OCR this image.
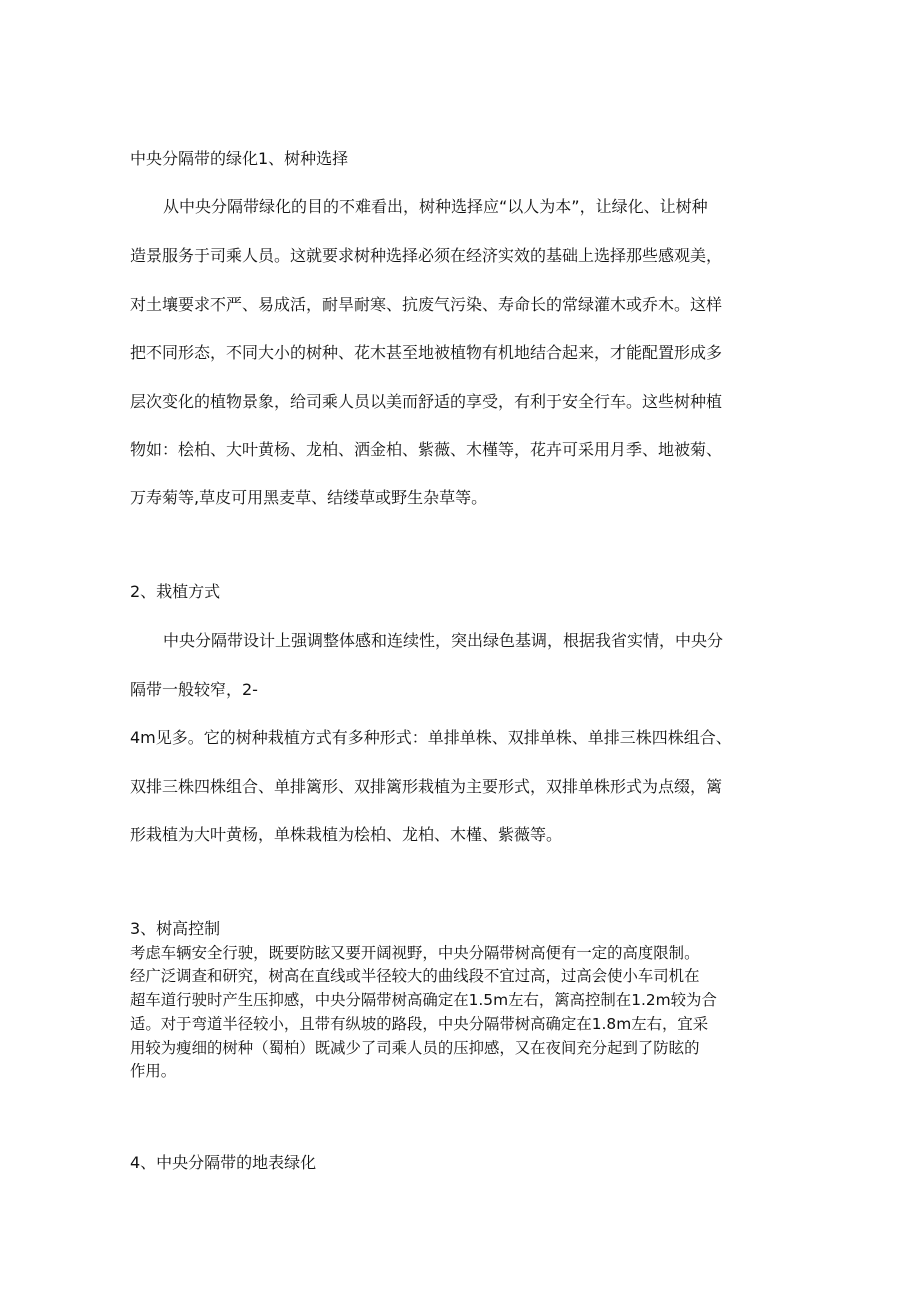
中央分隔带的绿化1、树种选择

从中央分隔带绿化的目的不难看出，树种选择应“以人为本”，让绿化、让树种

造景服务于司乘人员。这就要求树种选择必须在经济实效的基础上选择那些感观美，

对土壤要求不严、易成活，耐旱耐寒、抗废气污染、寿命长的常绿灌木或乔木。这样

把不同形态，不同大小的树种、花木甚至地被植物有机地结合起来，才能配置形成多

层次变化的植物景象，给司乘人员以美而舒适的享受，有利于安全行车。这些树种植

物如：桧柏、大叶黄杨、龙柏、洒金柏、紫薇、木槿等，花卉可采用月季、地被菊、

万寿菊等,草皮可用黑麦草、结缕草或野生杂草等。

2、栽植方式

中央分隔带设计上强调整体感和连续性，突出绿色基调，根据我省实情，中央分

隔带一般较窄，2-

4m见多。它的树种栽植方式有多种形式：单排单株、双排单株、单排三株四株组合、

双排三株四株组合、单排篱形、双排篱形栽植为主要形式，双排单株形式为点缀，篱

形栽植为大叶黄杨，单株栽植为桧柏、龙柏、木槿、紫薇等。

3、树高控制

考虑车辆安全行驶，既要防眩又要开阔视野，中央分隔带树高便有一定的高度限制。

经广泛调查和研究，树高在直线或半径较大的曲线段不宜过高，过高会使小车司机在

超车道行驶时产生压抑感，中央分隔带树高确定在1.5m左右，篱高控制在1.2m较为合

适。对于弯道半径较小，且带有纵坡的路段，中央分隔带树高确定在1.8m左右，宜采

用较为瘦细的树种（蜀柏）既减少了司乘人员的压抑感，又在夜间充分起到了防眩的

作用。

4、中央分隔带的地表绿化
